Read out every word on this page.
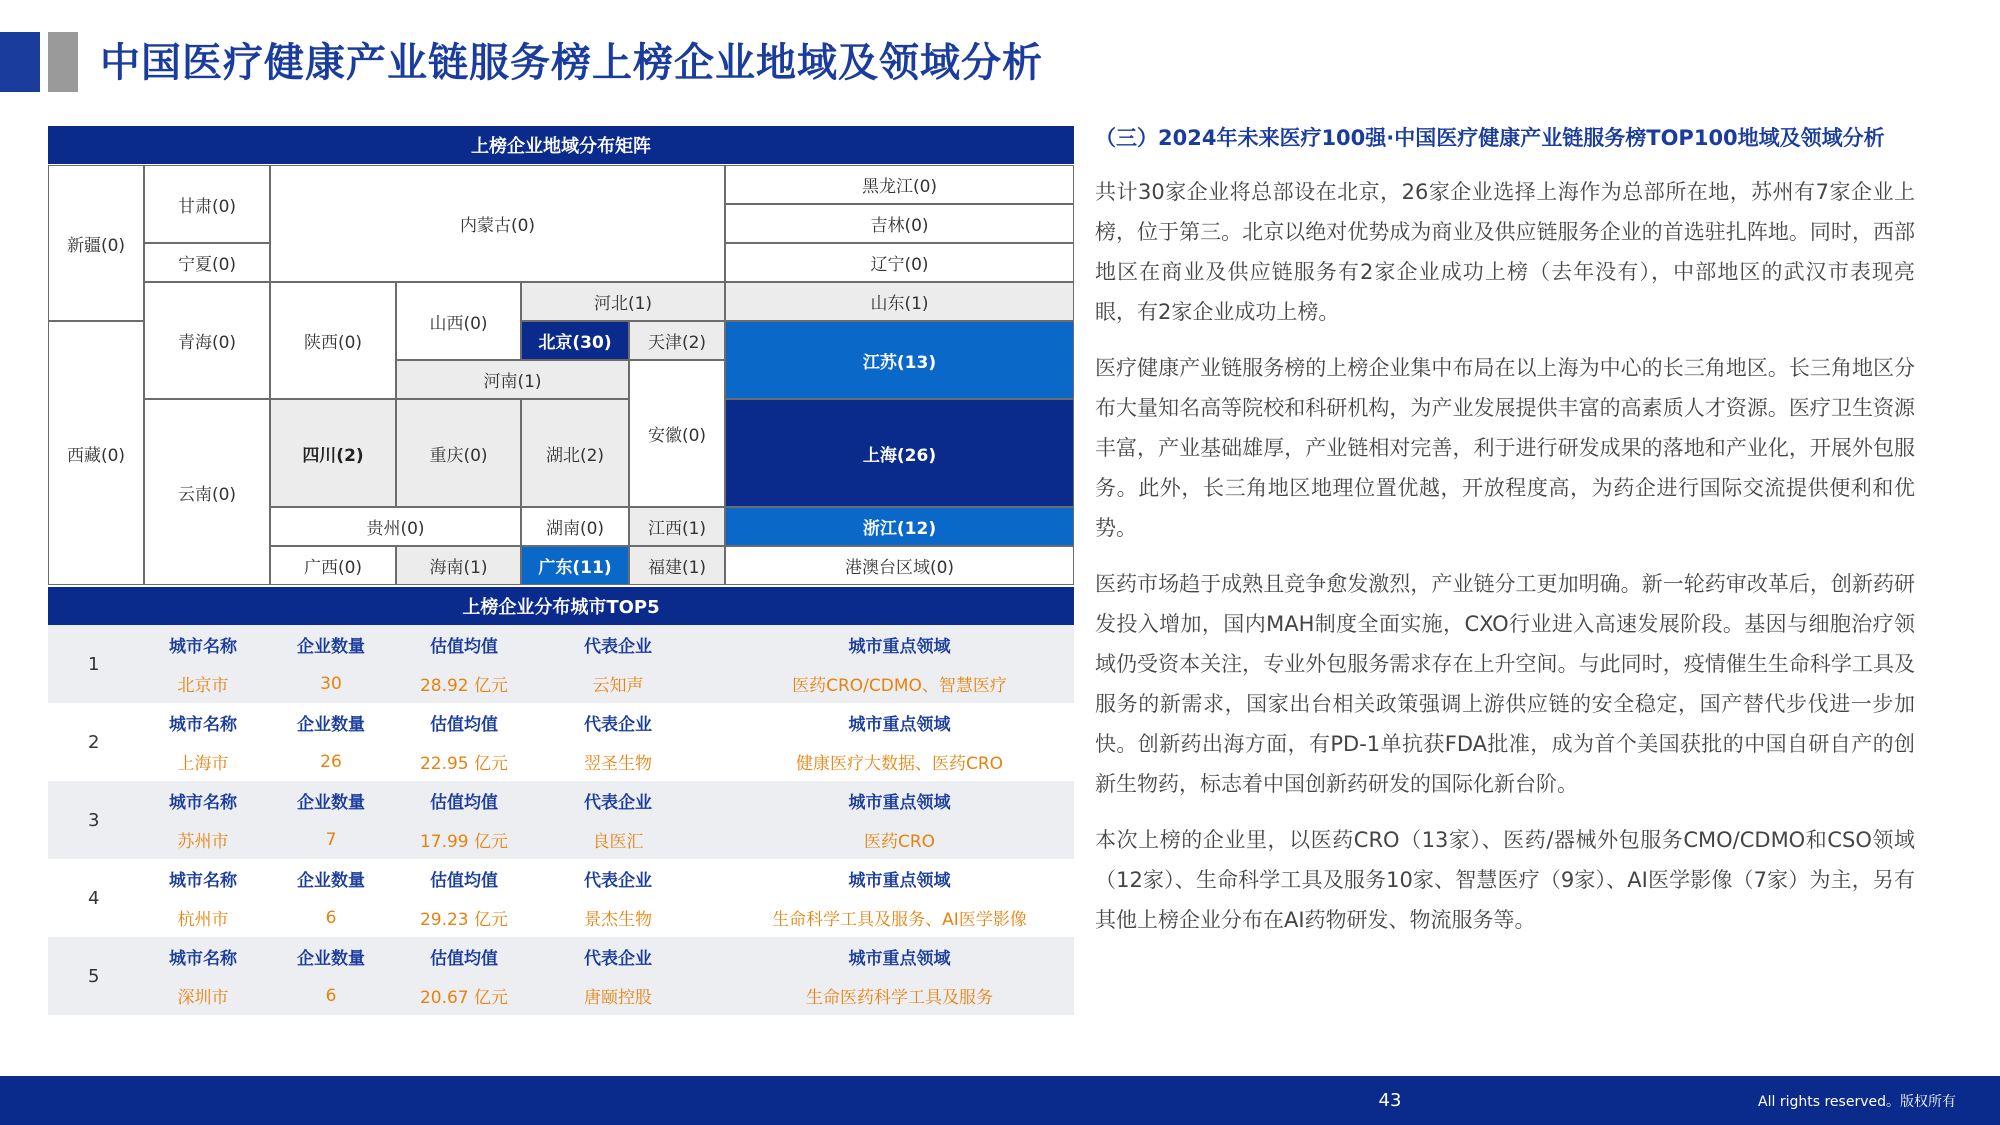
中国医疗健康产业链服务榜上榜企业地域及领域分析
上榜企业地域分布矩阵
新疆(0)
甘肃(0)
内蒙古(0)
黑龙江(0)
吉林(0)
宁夏(0)	辽宁(0)
西藏(0)
青海(0)	陕西(0)
山西(0)
河北(1)	山东(1)
北京(30)	天津(2)
江苏(13)
河南(1)
安徽(0)
云南(0)
四川(2)	重庆(0)	湖北(2)	上海(26)
贵州(0)	湖南(0)	江西(1)	浙江(12)
广西(0)	海南(1)	广东(11)	福建(1)	港澳台区域(0)
上榜企业分布城市TOP5
1
城市名称	企业数量	估值均值	代表企业	城市重点领域
北京市	30	28.92 亿元	云知声	医药CRO/CDMO、智慧医疗
2
城市名称	企业数量	估值均值	代表企业	城市重点领域
上海市	26	22.95 亿元	翌圣生物	健康医疗大数据、医药CRO
3
城市名称	企业数量	估值均值	代表企业	城市重点领域
苏州市	7	17.99 亿元	良医汇	医药CRO
4
城市名称	企业数量	估值均值	代表企业	城市重点领域
杭州市	6	29.23 亿元	景杰生物	生命科学工具及服务、AI医学影像
5
城市名称	企业数量	估值均值	代表企业	城市重点领域
深圳市	6	20.67 亿元	唐颐控股	生命医药科学工具及服务

（三）2024年未来医疗100强·中国医疗健康产业链服务榜TOP100地域及领域分析

共计30家企业将总部设在北京，26家企业选择上海作为总部所在地，苏州有7家企业上榜，位于第三。北京以绝对优势成为商业及供应链服务企业的首选驻扎阵地。同时，西部地区在商业及供应链服务有2家企业成功上榜（去年没有），中部地区的武汉市表现亮眼，有2家企业成功上榜。

医疗健康产业链服务榜的上榜企业集中布局在以上海为中心的长三角地区。长三角地区分布大量知名高等院校和科研机构，为产业发展提供丰富的高素质人才资源。医疗卫生资源丰富，产业基础雄厚，产业链相对完善，利于进行研发成果的落地和产业化，开展外包服务。此外，长三角地区地理位置优越，开放程度高，为药企进行国际交流提供便利和优势。

医药市场趋于成熟且竞争愈发激烈，产业链分工更加明确。新一轮药审改革后，创新药研发投入增加，国内MAH制度全面实施，CXO行业进入高速发展阶段。基因与细胞治疗领域仍受资本关注，专业外包服务需求存在上升空间。与此同时，疫情催生生命科学工具及服务的新需求，国家出台相关政策强调上游供应链的安全稳定，国产替代步伐进一步加快。创新药出海方面，有PD-1单抗获FDA批准，成为首个美国获批的中国自研自产的创新生物药，标志着中国创新药研发的国际化新台阶。

本次上榜的企业里，以医药CRO（13家）、医药/器械外包服务CMO/CDMO和CSO领域（12家）、生命科学工具及服务10家、智慧医疗（9家）、AI医学影像（7家）为主，另有其他上榜企业分布在AI药物研发、物流服务等。

43	All rights reserved。版权所有
